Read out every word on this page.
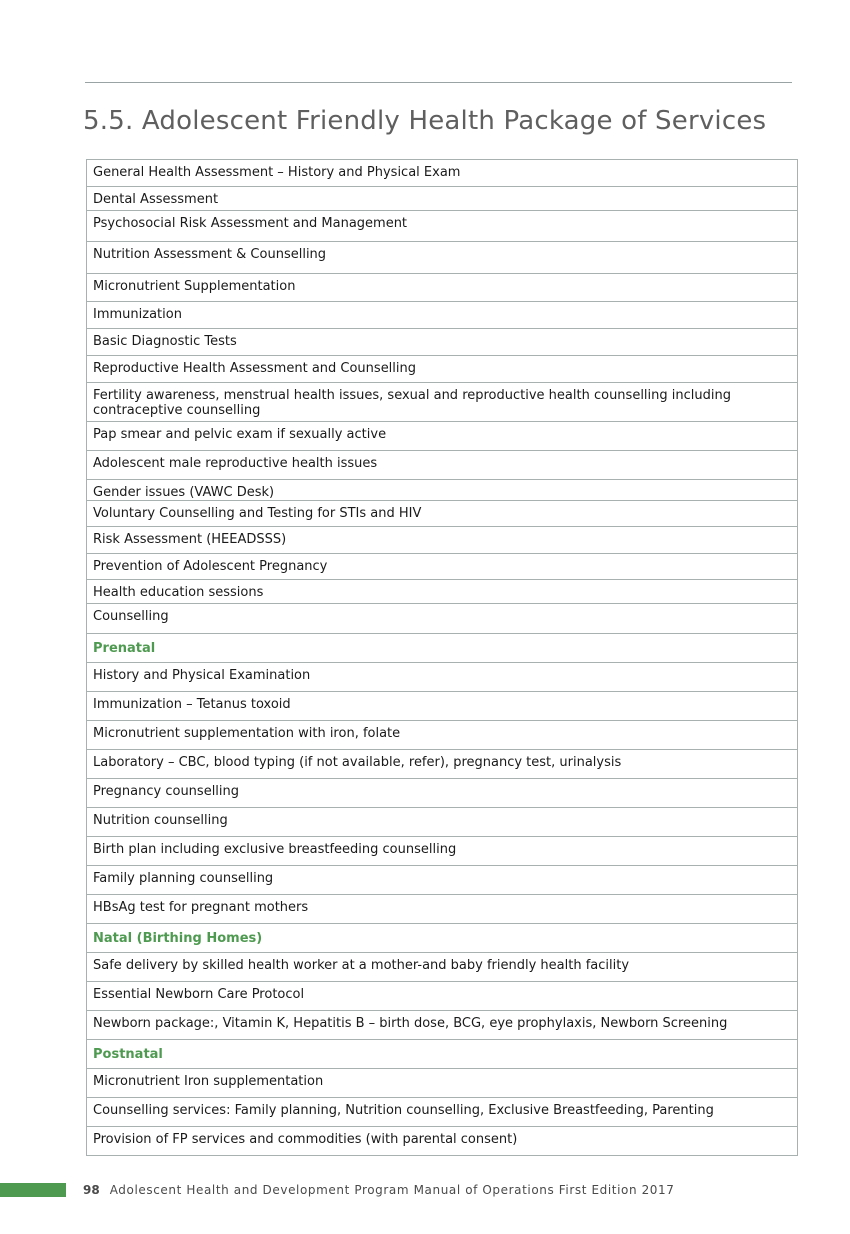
5.5. Adolescent Friendly Health Package of Services
General Health Assessment – History and Physical Exam
Dental Assessment
Psychosocial Risk Assessment and Management
Nutrition Assessment & Counselling
Micronutrient Supplementation
Immunization
Basic Diagnostic Tests
Reproductive Health Assessment and Counselling
Fertility awareness, menstrual health issues, sexual and reproductive health counselling including contraceptive counselling
Pap smear and pelvic exam if sexually active
Adolescent male reproductive health issues
Gender issues (VAWC Desk)
Voluntary Counselling and Testing for STIs and HIV
Risk Assessment (HEEADSSS)
Prevention of Adolescent Pregnancy
Health education sessions
Counselling
Prenatal
History and Physical Examination
Immunization – Tetanus toxoid
Micronutrient supplementation with iron, folate
Laboratory – CBC, blood typing (if not available, refer), pregnancy test, urinalysis
Pregnancy counselling
Nutrition counselling
Birth plan including exclusive breastfeeding counselling
Family planning counselling
HBsAg test for pregnant mothers
Natal (Birthing Homes)
Safe delivery by skilled health worker at a mother-and baby friendly health facility
Essential Newborn Care Protocol
Newborn package:, Vitamin K, Hepatitis B – birth dose, BCG, eye prophylaxis, Newborn Screening
Postnatal
Micronutrient Iron supplementation
Counselling services: Family planning, Nutrition counselling, Exclusive Breastfeeding, Parenting
Provision of FP services and commodities (with parental consent)
98 Adolescent Health and Development Program Manual of Operations First Edition 2017
